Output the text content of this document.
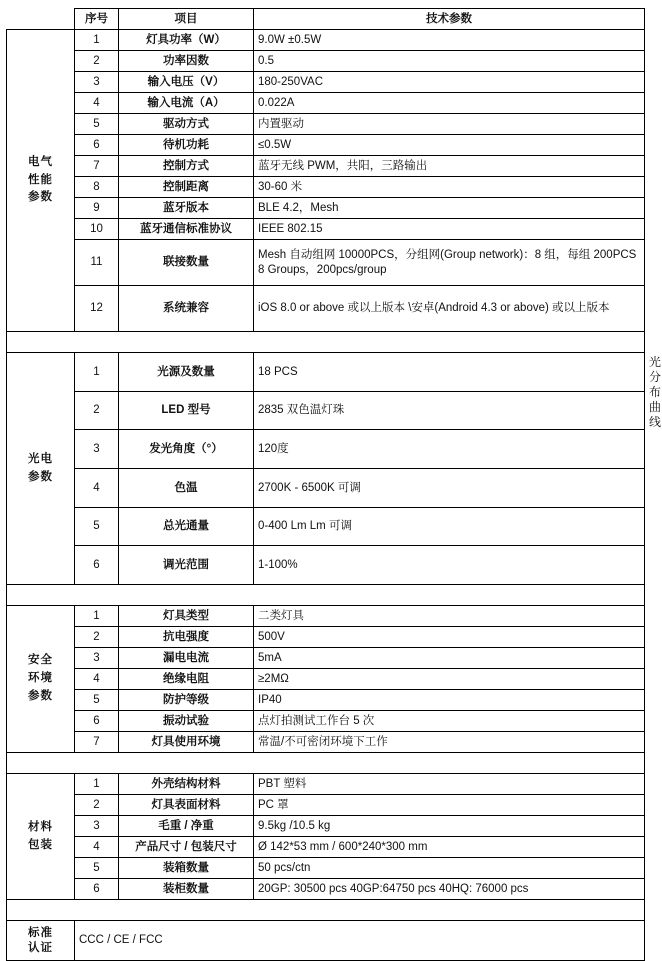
	序号	项目	技术参数	

电气
性能
参数	1	灯具功率（W）	9.0W ±0.5W	
	2	功率因数	0.5	
	3	输入电压（V）	180-250VAC	
	4	输入电流（A）	0.022A	
	5	驱动方式	内置驱动	
	6	待机功耗	≤0.5W	
	7	控制方式	蓝牙无线 PWM，共阳，三路输出	
	8	控制距离	30-60 米	
	9	蓝牙版本	BLE 4.2，Mesh	
	10	蓝牙通信标准协议	IEEE 802.15	
	11	联接数量	Mesh 自动组网 10000PCS，分组网(Group network)：8 组，每组 200PCS 8 Groups，200pcs/group	
	12	系统兼容	iOS 8.0 or above 或以上版本 \安卓(Android 4.3 or above) 或以上版本	

光电
参数
	1	光源及数量	18 PCS	
光分布曲线

	2	LED 型号	2835 双色温灯珠	
	3	发光角度（°）	120度	
	4	色温	2700K - 6500K 可调	
	5	总光通量	0-400 Lm Lm 可调	
	6	调光范围	1-100%	

安全
环境
参数	1	灯具类型	二类灯具	
	2	抗电强度	500V	
	3	漏电电流	5mA	
	4	绝缘电阻	≥2MΩ	
	5	防护等级	IP40	
	6	振动试验	点灯拍测试工作台 5 次	
	7	灯具使用环境	常温/不可密闭环境下工作	

材料
包装	1	外壳结构材料	PBT 塑料	
	2	灯具表面材料	PC 罩	
	3	毛重 / 净重	9.5kg /10.5 kg	
	4	产品尺寸 / 包装尺寸	Ø 142*53 mm / 600*240*300 mm	
	5	装箱数量	50 pcs/ctn	
	6	装柜数量	20GP: 30500 pcs 40GP:64750 pcs 40HQ: 76000 pcs	

标准
认证	CCC / CE / FCC			
